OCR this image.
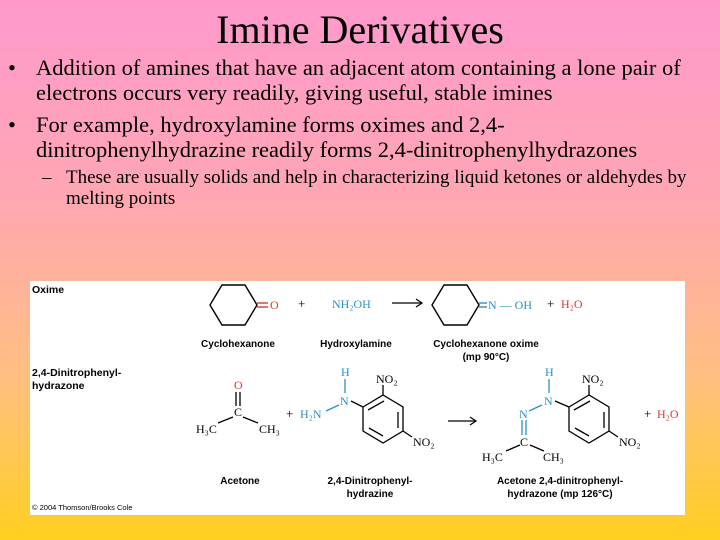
Imine Derivatives
• Addition of amines that have an adjacent atom containing a lone pair of electrons occurs very readily, giving useful, stable imines
• For example, hydroxylamine forms oximes and 2,4-dinitrophenylhydrazine readily forms 2,4-dinitrophenylhydrazones
– These are usually solids and help in characterizing liquid ketones or aldehydes by melting points
Oxime
2,4-Dinitrophenyl-
hydrazone
O + NH₂OH	N — OH + H₂O
Cyclohexanone	Hydroxylamine	Cyclohexanone oxime
(mp 90°C)
O
C
H₃C	CH₃
+
H
N
H₂N
NO₂
NO₂
H
N
N
C
H₃C	CH₃
NO₂
NO₂
+ H₂O
Acetone	2,4-Dinitrophenyl-
hydrazine
Acetone 2,4-dinitrophenyl-
hydrazone (mp 126°C)
© 2004 Thomson/Brooks Cole
